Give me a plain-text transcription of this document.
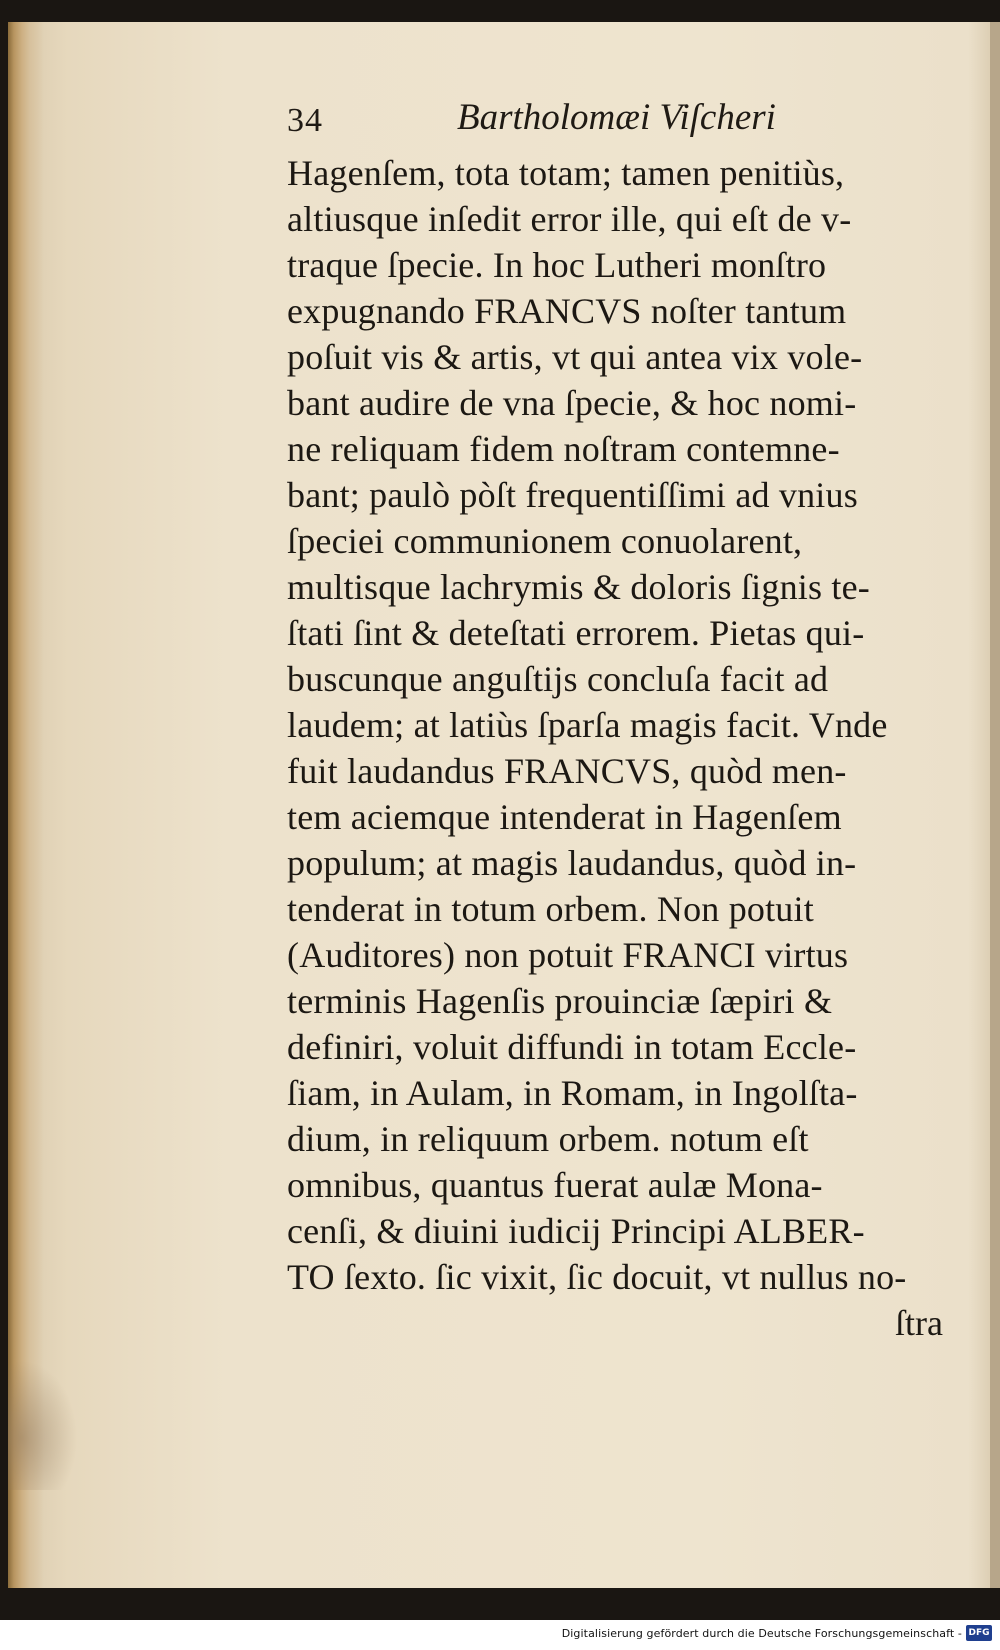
34	Bartholomæi Viſcheri
Hagenſem, tota totam; tamen penitiùs,
altiusque inſedit error ille, qui eſt de v-
traque ſpecie. In hoc Lutheri monſtro
expugnando FRANCVS noſter tantum
poſuit vis & artis, vt qui antea vix vole-
bant audire de vna ſpecie, & hoc nomi-
ne reliquam fidem noſtram contemne-
bant; paulò pòſt frequentiſſimi ad vnius
ſpeciei communionem conuolarent,
multisque lachrymis & doloris ſignis te-
ſtati ſint & deteſtati errorem. Pietas qui-
buscunque anguſtijs concluſa facit ad
laudem; at latiùs ſparſa magis facit. Vnde
fuit laudandus FRANCVS, quòd men-
tem aciemque intenderat in Hagenſem
populum; at magis laudandus, quòd in-
tenderat in totum orbem. Non potuit
(Auditores) non potuit FRANCI virtus
terminis Hagenſis prouinciæ ſæpiri &
definiri, voluit diffundi in totam Eccle-
ſiam, in Aulam, in Romam, in Ingolſta-
dium, in reliquum orbem. notum eſt
omnibus, quantus fuerat aulæ Mona-
cenſi, & diuini iudicij Principi ALBER-
TO ſexto. ſic vixit, ſic docuit, vt nullus no-
ſtra
Digitalisierung gefördert durch die Deutsche Forschungsgemeinschaft - DFG
